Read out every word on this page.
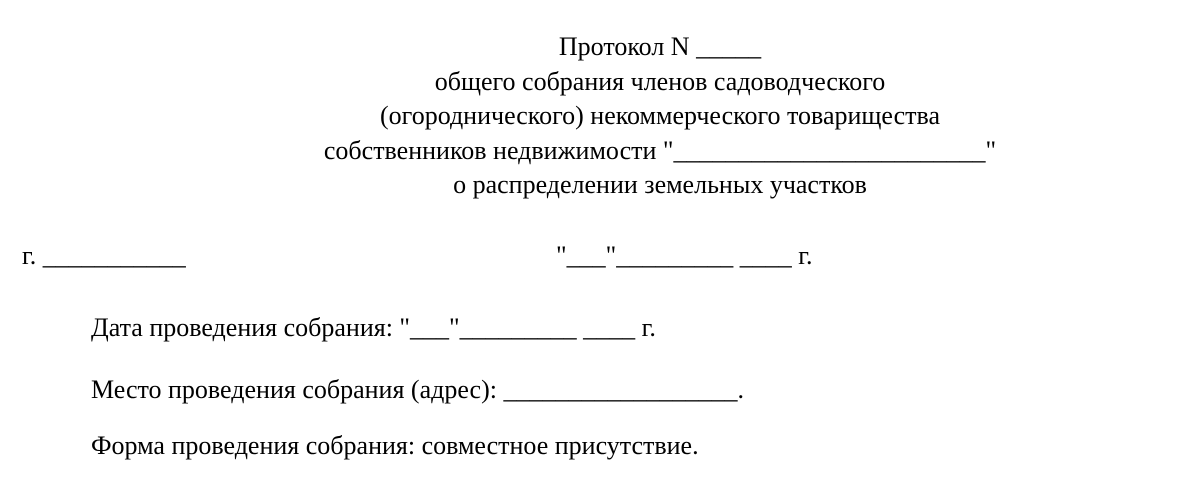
Протокол N _____
общего собрания членов садоводческого
(огороднического) некоммерческого товарищества
собственников недвижимости "________________________"
о распределении земельных участков
г. ___________	"___"_________ ____ г.
Дата проведения собрания: "___"_________ ____ г.
Место проведения собрания (адрес): __________________.
Форма проведения собрания: совместное присутствие.
